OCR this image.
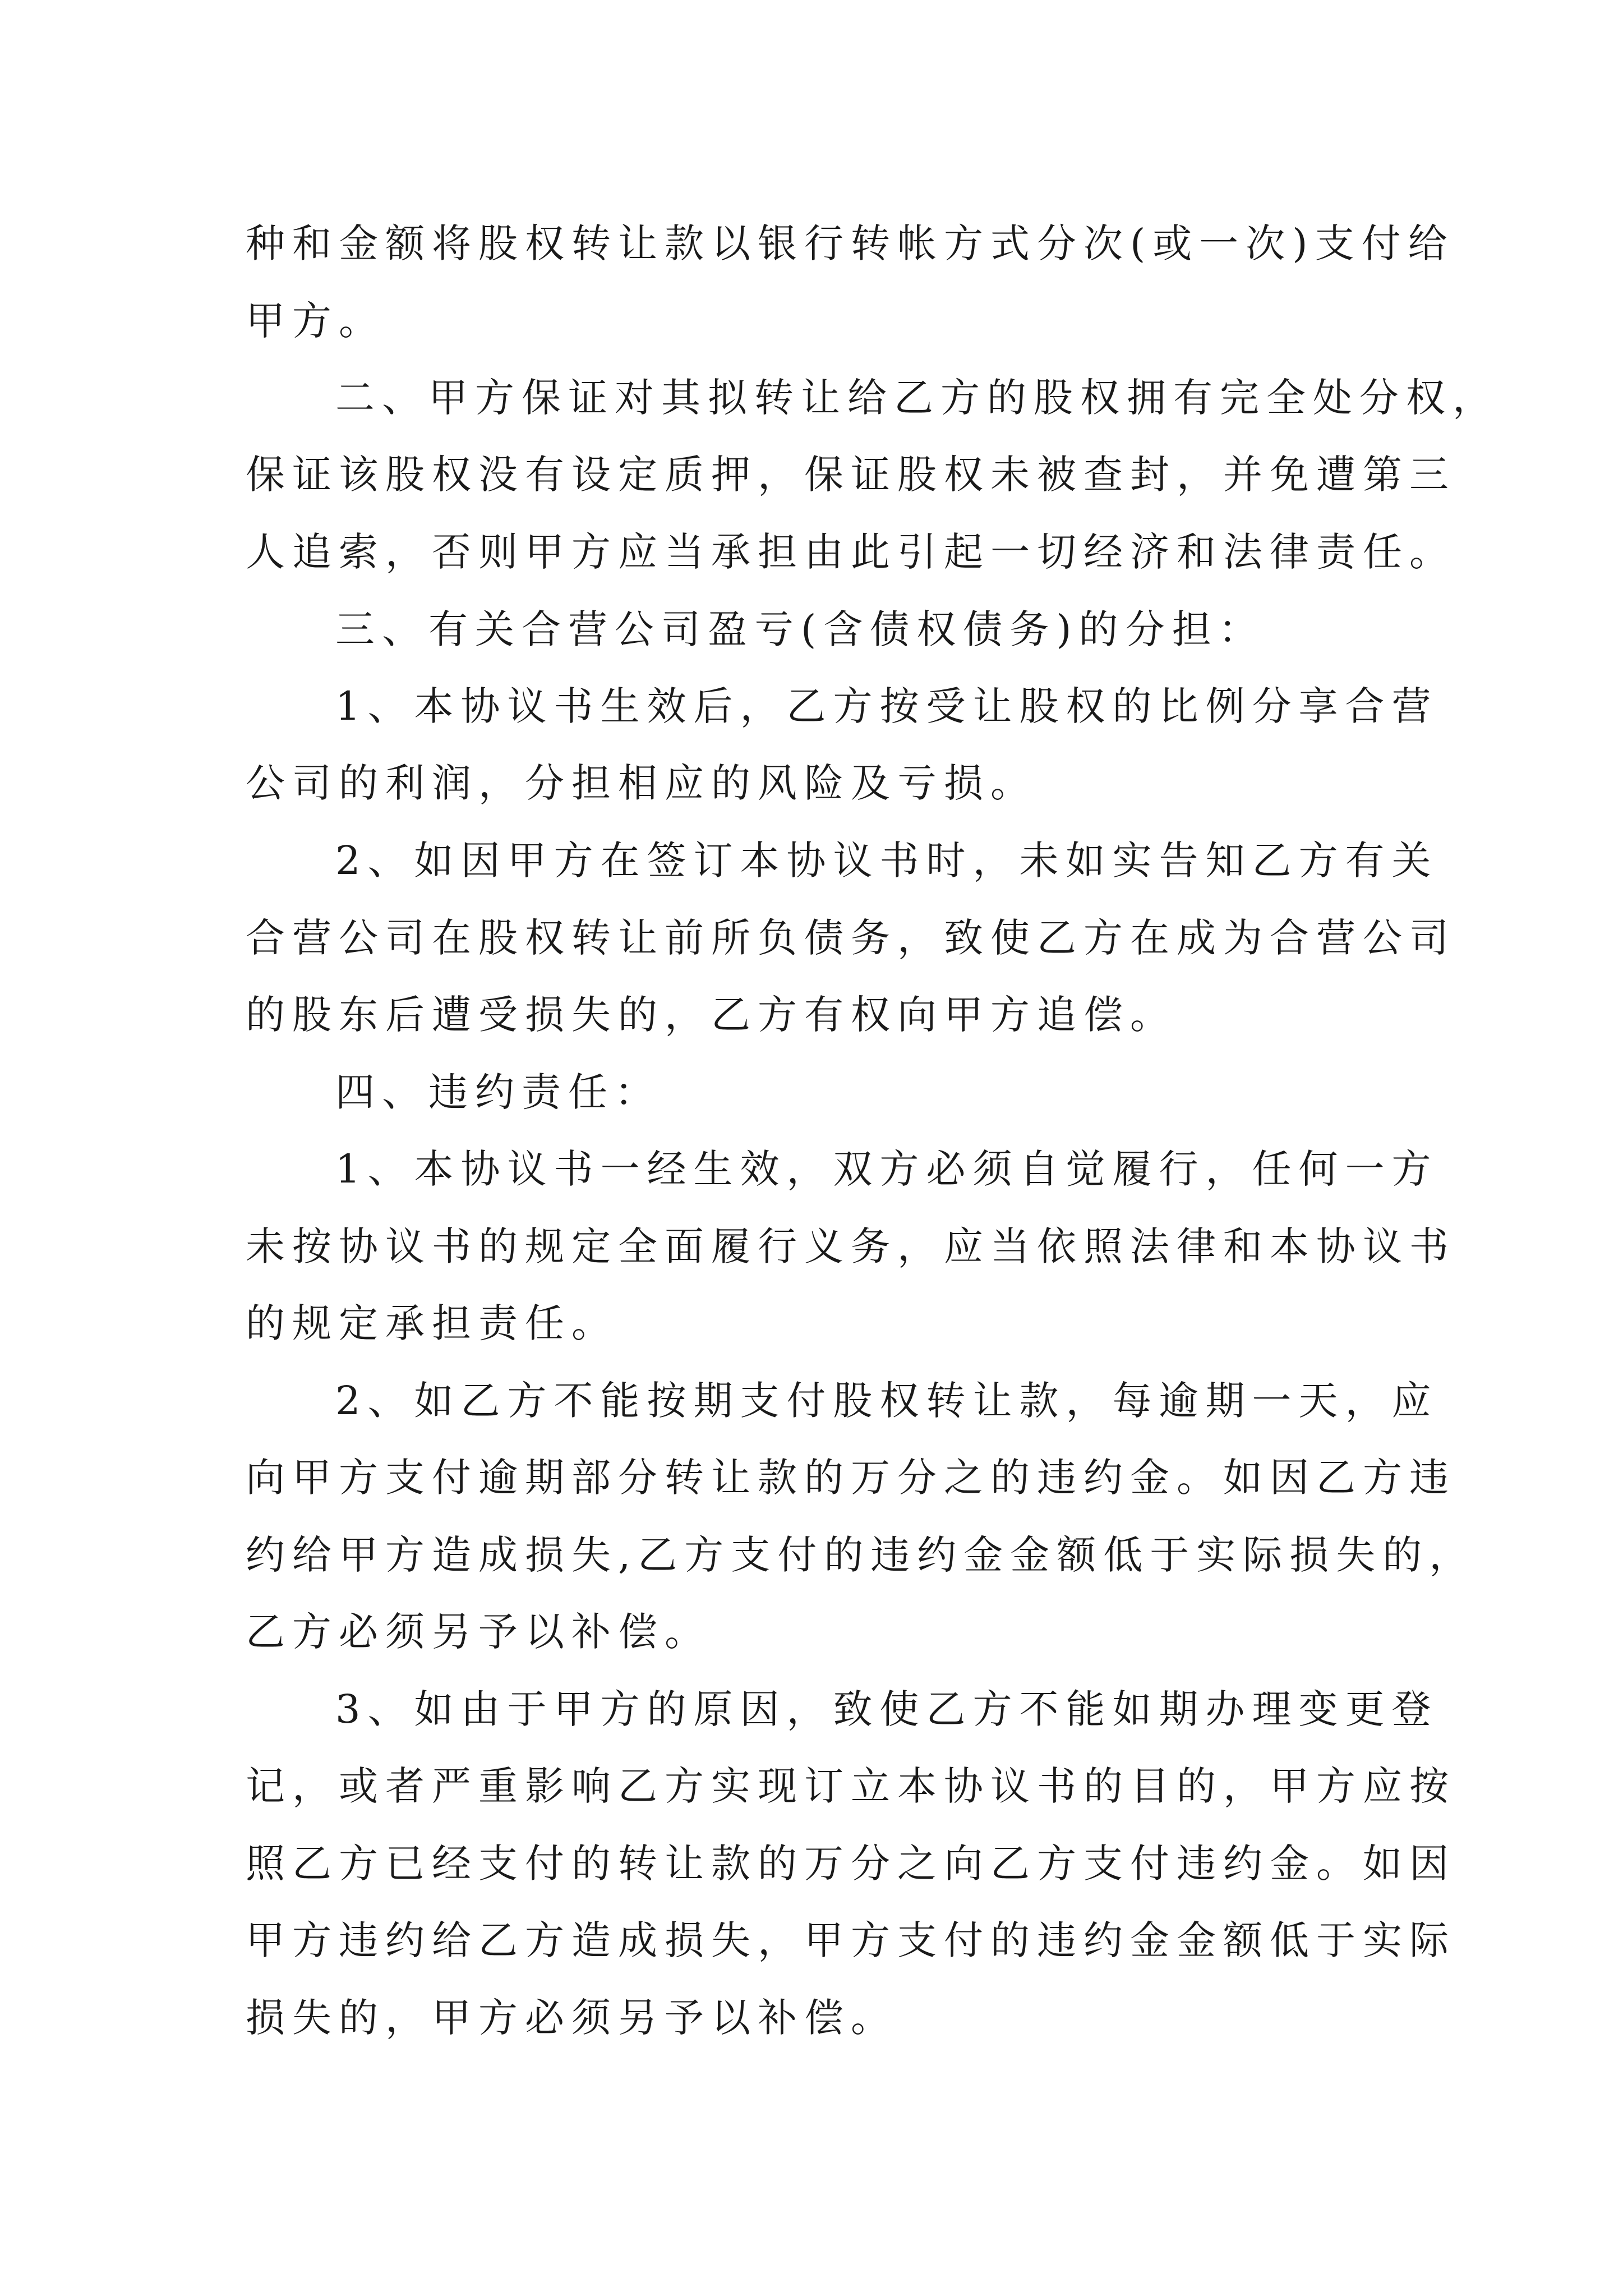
种和金额将股权转让款以银行转帐方式分次(或一次)支付给

甲方。

二、甲方保证对其拟转让给乙方的股权拥有完全处分权，

保证该股权没有设定质押，保证股权未被查封，并免遭第三

人追索，否则甲方应当承担由此引起一切经济和法律责任。

三、有关合营公司盈亏(含债权债务)的分担：

1、本协议书生效后，乙方按受让股权的比例分享合营

公司的利润，分担相应的风险及亏损。

2、如因甲方在签订本协议书时，未如实告知乙方有关

合营公司在股权转让前所负债务，致使乙方在成为合营公司

的股东后遭受损失的，乙方有权向甲方追偿。

四、违约责任：

1、本协议书一经生效，双方必须自觉履行，任何一方

未按协议书的规定全面履行义务，应当依照法律和本协议书

的规定承担责任。

2、如乙方不能按期支付股权转让款，每逾期一天，应

向甲方支付逾期部分转让款的万分之的违约金。如因乙方违

约给甲方造成损失,乙方支付的违约金金额低于实际损失的，

乙方必须另予以补偿。

3、如由于甲方的原因，致使乙方不能如期办理变更登

记，或者严重影响乙方实现订立本协议书的目的，甲方应按

照乙方已经支付的转让款的万分之向乙方支付违约金。如因

甲方违约给乙方造成损失，甲方支付的违约金金额低于实际

损失的，甲方必须另予以补偿。
